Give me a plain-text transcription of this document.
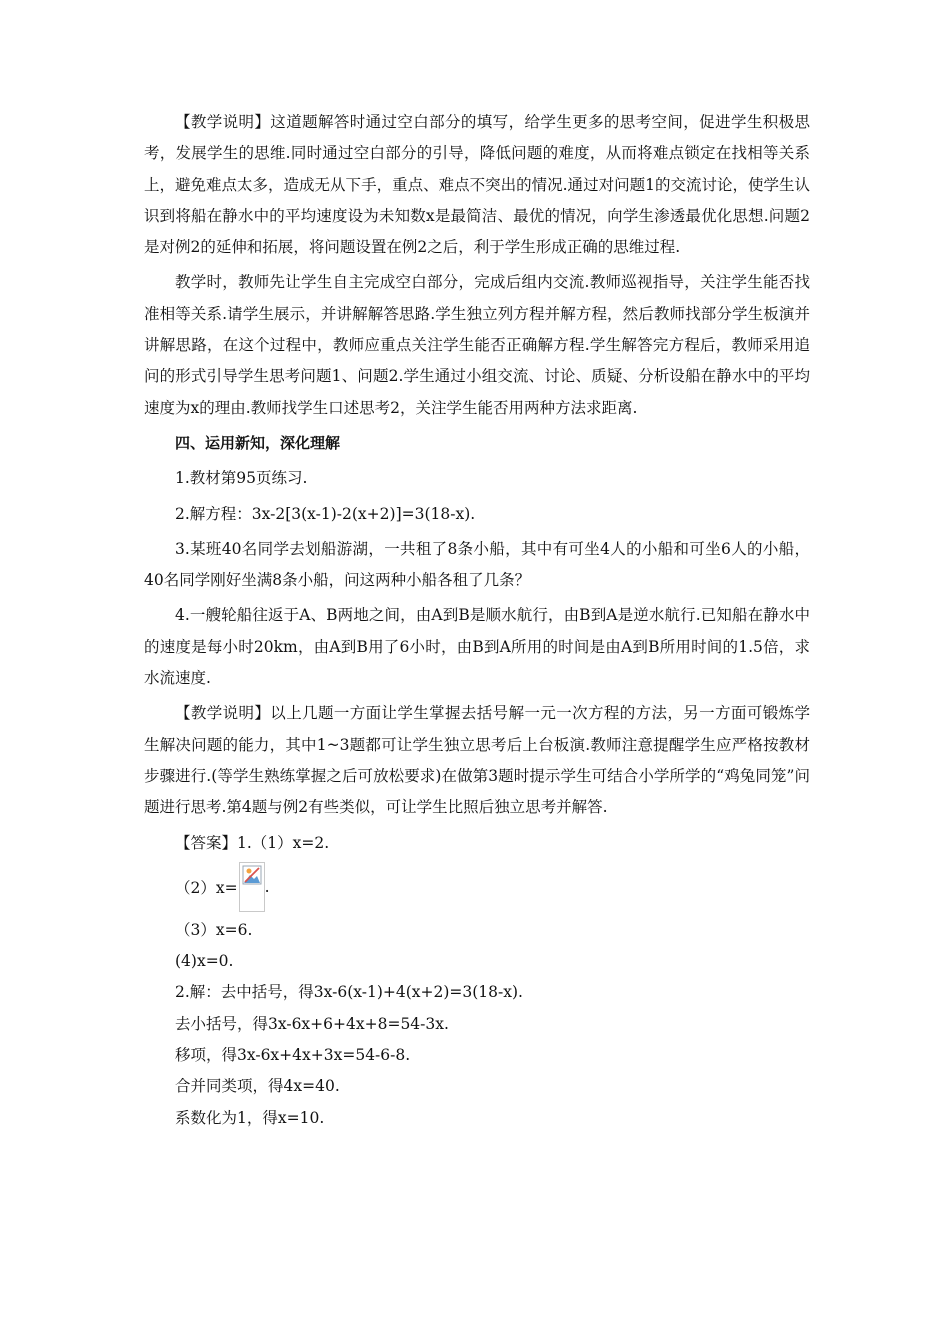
【教学说明】这道题解答时通过空白部分的填写，给学生更多的思考空间，促进学生积极思考，发展学生的思维.同时通过空白部分的引导，降低问题的难度，从而将难点锁定在找相等关系上，避免难点太多，造成无从下手，重点、难点不突出的情况.通过对问题1的交流讨论，使学生认识到将船在静水中的平均速度设为未知数x是最简洁、最优的情况，向学生渗透最优化思想.问题2是对例2的延伸和拓展，将问题设置在例2之后，利于学生形成正确的思维过程.

教学时，教师先让学生自主完成空白部分，完成后组内交流.教师巡视指导，关注学生能否找准相等关系.请学生展示，并讲解解答思路.学生独立列方程并解方程，然后教师找部分学生板演并讲解思路，在这个过程中，教师应重点关注学生能否正确解方程.学生解答完方程后，教师采用追问的形式引导学生思考问题1、问题2.学生通过小组交流、讨论、质疑、分析设船在静水中的平均速度为x的理由.教师找学生口述思考2，关注学生能否用两种方法求距离.

四、运用新知，深化理解

1.教材第95页练习.

2.解方程：3x-2[3(x-1)-2(x+2)]=3(18-x).

3.某班40名同学去划船游湖，一共租了8条小船，其中有可坐4人的小船和可坐6人的小船，40名同学刚好坐满8条小船，问这两种小船各租了几条？

4.一艘轮船往返于A、B两地之间，由A到B是顺水航行，由B到A是逆水航行.已知船在静水中的速度是每小时20km，由A到B用了6小时，由B到A所用的时间是由A到B所用时间的1.5倍，求水流速度.

【教学说明】以上几题一方面让学生掌握去括号解一元一次方程的方法，另一方面可锻炼学生解决问题的能力，其中1~3题都可让学生独立思考后上台板演.教师注意提醒学生应严格按教材步骤进行.(等学生熟练掌握之后可放松要求)在做第3题时提示学生可结合小学所学的“鸡兔同笼”问题进行思考.第4题与例2有些类似，可让学生比照后独立思考并解答.

【答案】1.（1）x=2.

（2）x= .

（3）x=6.

(4)x=0.

2.解：去中括号，得3x-6(x-1)+4(x+2)=3(18-x).

去小括号，得3x-6x+6+4x+8=54-3x.

移项，得3x-6x+4x+3x=54-6-8.

合并同类项，得4x=40.

系数化为1，得x=10.
